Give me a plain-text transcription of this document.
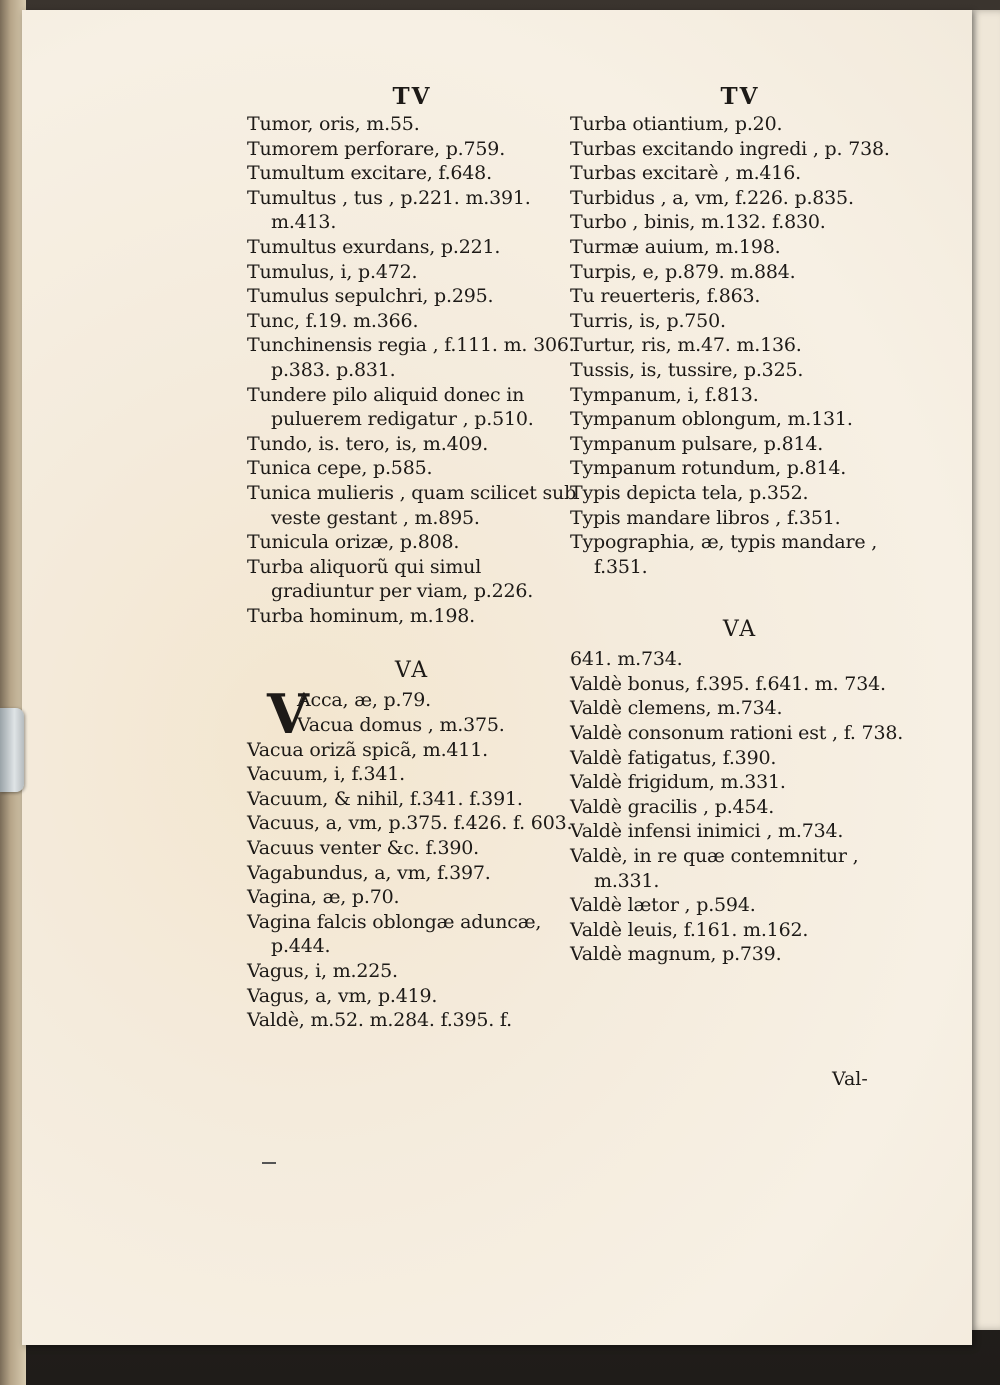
TV
Tumor, oris, m.55.
Tumorem perforare, p.759.
Tumultum excitare, f.648.
Tumultus , tus , p.221. m.391. m.413.
Tumultus exurdans, p.221.
Tumulus, i, p.472.
Tumulus sepulchri, p.295.
Tunc, f.19. m.366.
Tunchinensis regia , f.111. m. 306. p.383. p.831.
Tundere pilo aliquid donec in puluerem redigatur , p.510.
Tundo, is. tero, is, m.409.
Tunica cepe, p.585.
Tunica mulieris , quam scilicet sub veste gestant , m.895.
Tunicula orizæ, p.808.
Turba aliquorũ qui simul gradiuntur per viam, p.226.
Turba hominum, m.198.
VA
V
Acca, æ, p.79.
Vacua domus , m.375.
Vacua orizã spicã, m.411.
Vacuum, i, f.341.
Vacuum, & nihil, f.341. f.391.
Vacuus, a, vm, p.375. f.426. f. 603.
Vacuus venter &c. f.390.
Vagabundus, a, vm, f.397.
Vagina, æ, p.70.
Vagina falcis oblongæ aduncæ, p.444.
Vagus, i, m.225.
Vagus, a, vm, p.419.
Valdè, m.52. m.284. f.395. f.
TV
Turba otiantium, p.20.
Turbas excitando ingredi , p. 738.
Turbas excitarè , m.416.
Turbidus , a, vm, f.226. p.835.
Turbo , binis, m.132. f.830.
Turmæ auium, m.198.
Turpis, e, p.879. m.884.
Tu reuerteris, f.863.
Turris, is, p.750.
Turtur, ris, m.47. m.136.
Tussis, is, tussire, p.325.
Tympanum, i, f.813.
Tympanum oblongum, m.131.
Tympanum pulsare, p.814.
Tympanum rotundum, p.814.
Typis depicta tela, p.352.
Typis mandare libros , f.351.
Typographia, æ, typis mandare , f.351.
VA
641. m.734.
Valdè bonus, f.395. f.641. m. 734.
Valdè clemens, m.734.
Valdè consonum rationi est , f. 738.
Valdè fatigatus, f.390.
Valdè frigidum, m.331.
Valdè gracilis , p.454.
Valdè infensi inimici , m.734.
Valdè, in re quæ contemnitur , m.331.
Valdè lætor , p.594.
Valdè leuis, f.161. m.162.
Valdè magnum, p.739.
Val-
